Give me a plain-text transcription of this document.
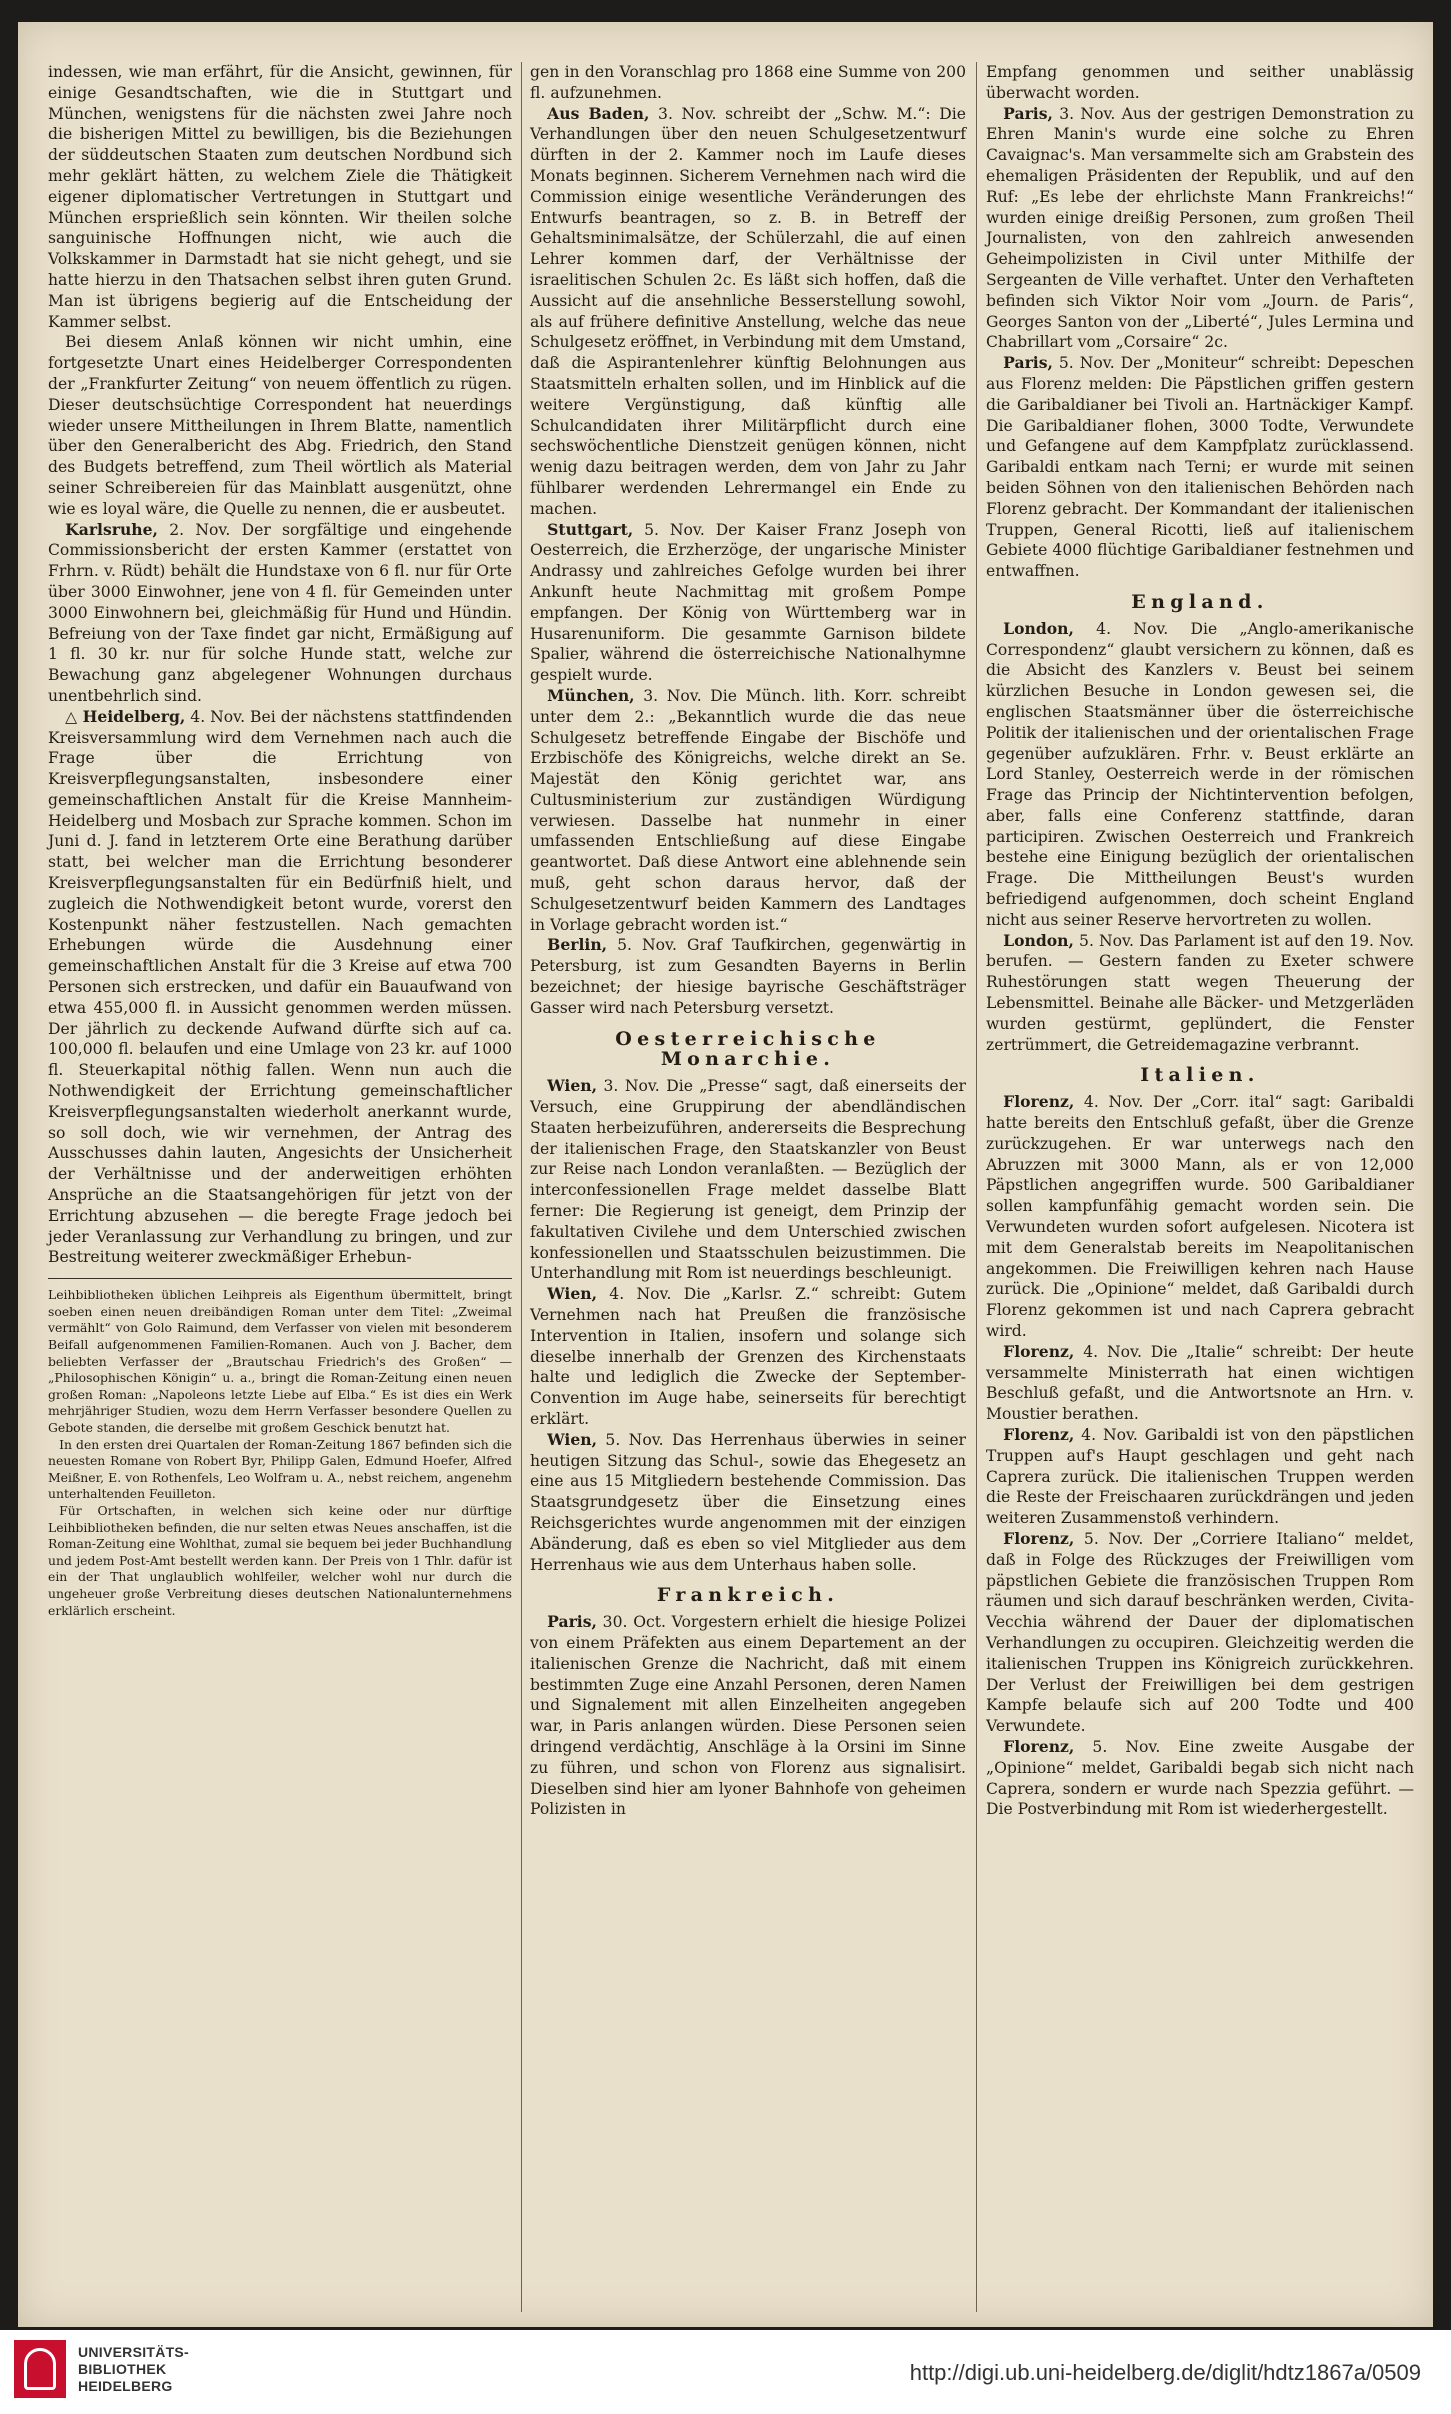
indessen, wie man erfährt, für die Ansicht, gewinnen, für einige Gesandtschaften, wie die in Stuttgart und München, wenigstens für die nächsten zwei Jahre noch die bisherigen Mittel zu bewilligen, bis die Beziehungen der süddeutschen Staaten zum deutschen Nordbund sich mehr geklärt hätten, zu welchem Ziele die Thätigkeit eigener diplomatischer Vertretungen in Stuttgart und München ersprießlich sein könnten. Wir theilen solche sanguinische Hoffnungen nicht, wie auch die Volkskammer in Darmstadt hat sie nicht gehegt, und sie hatte hierzu in den Thatsachen selbst ihren guten Grund. Man ist übrigens begierig auf die Entscheidung der Kammer selbst.

Bei diesem Anlaß können wir nicht umhin, eine fortgesetzte Unart eines Heidelberger Correspondenten der „Frankfurter Zeitung“ von neuem öffentlich zu rügen. Dieser deutschsüchtige Correspondent hat neuerdings wieder unsere Mittheilungen in Ihrem Blatte, namentlich über den Generalbericht des Abg. Friedrich, den Stand des Budgets betreffend, zum Theil wörtlich als Material seiner Schreibereien für das Mainblatt ausgenützt, ohne wie es loyal wäre, die Quelle zu nennen, die er ausbeutet.

Karlsruhe, 2. Nov. Der sorgfältige und eingehende Commissionsbericht der ersten Kammer (erstattet von Frhrn. v. Rüdt) behält die Hundstaxe von 6 fl. nur für Orte über 3000 Einwohner, jene von 4 fl. für Gemeinden unter 3000 Einwohnern bei, gleichmäßig für Hund und Hündin. Befreiung von der Taxe findet gar nicht, Ermäßigung auf 1 fl. 30 kr. nur für solche Hunde statt, welche zur Bewachung ganz abgelegener Wohnungen durchaus unentbehrlich sind.

△ Heidelberg, 4. Nov. Bei der nächstens stattfindenden Kreisversammlung wird dem Vernehmen nach auch die Frage über die Errichtung von Kreisverpflegungsanstalten, insbesondere einer gemeinschaftlichen Anstalt für die Kreise Mannheim-Heidelberg und Mosbach zur Sprache kommen. Schon im Juni d. J. fand in letzterem Orte eine Berathung darüber statt, bei welcher man die Errichtung besonderer Kreisverpflegungsanstalten für ein Bedürfniß hielt, und zugleich die Nothwendigkeit betont wurde, vorerst den Kostenpunkt näher festzustellen. Nach gemachten Erhebungen würde die Ausdehnung einer gemeinschaftlichen Anstalt für die 3 Kreise auf etwa 700 Personen sich erstrecken, und dafür ein Bauaufwand von etwa 455,000 fl. in Aussicht genommen werden müssen. Der jährlich zu deckende Aufwand dürfte sich auf ca. 100,000 fl. belaufen und eine Umlage von 23 kr. auf 1000 fl. Steuerkapital nöthig fallen. Wenn nun auch die Nothwendigkeit der Errichtung gemeinschaftlicher Kreisverpflegungsanstalten wiederholt anerkannt wurde, so soll doch, wie wir vernehmen, der Antrag des Ausschusses dahin lauten, Angesichts der Unsicherheit der Verhältnisse und der anderweitigen erhöhten Ansprüche an die Staatsangehörigen für jetzt von der Errichtung abzusehen — die beregte Frage jedoch bei jeder Veranlassung zur Verhandlung zu bringen, und zur Bestreitung weiterer zweckmäßiger Erhebun-

Leihbibliotheken üblichen Leihpreis als Eigenthum übermittelt, bringt soeben einen neuen dreibändigen Roman unter dem Titel: „Zweimal vermählt“ von Golo Raimund, dem Verfasser von vielen mit besonderem Beifall aufgenommenen Familien-Romanen. Auch von J. Bacher, dem beliebten Verfasser der „Brautschau Friedrich's des Großen“ — „Philosophischen Königin“ u. a., bringt die Roman-Zeitung einen neuen großen Roman: „Napoleons letzte Liebe auf Elba.“ Es ist dies ein Werk mehrjähriger Studien, wozu dem Herrn Verfasser besondere Quellen zu Gebote standen, die derselbe mit großem Geschick benutzt hat.

In den ersten drei Quartalen der Roman-Zeitung 1867 befinden sich die neuesten Romane von Robert Byr, Philipp Galen, Edmund Hoefer, Alfred Meißner, E. von Rothenfels, Leo Wolfram u. A., nebst reichem, angenehm unterhaltenden Feuilleton.

Für Ortschaften, in welchen sich keine oder nur dürftige Leihbibliotheken befinden, die nur selten etwas Neues anschaffen, ist die Roman-Zeitung eine Wohlthat, zumal sie bequem bei jeder Buchhandlung und jedem Post-Amt bestellt werden kann. Der Preis von 1 Thlr. dafür ist ein der That unglaublich wohlfeiler, welcher wohl nur durch die ungeheuer große Verbreitung dieses deutschen Nationalunternehmens erklärlich erscheint.

gen in den Voranschlag pro 1868 eine Summe von 200 fl. aufzunehmen.

Aus Baden, 3. Nov. schreibt der „Schw. M.“: Die Verhandlungen über den neuen Schulgesetzentwurf dürften in der 2. Kammer noch im Laufe dieses Monats beginnen. Sicherem Vernehmen nach wird die Commission einige wesentliche Veränderungen des Entwurfs beantragen, so z. B. in Betreff der Gehaltsminimalsätze, der Schülerzahl, die auf einen Lehrer kommen darf, der Verhältnisse der israelitischen Schulen 2c. Es läßt sich hoffen, daß die Aussicht auf die ansehnliche Besserstellung sowohl, als auf frühere definitive Anstellung, welche das neue Schulgesetz eröffnet, in Verbindung mit dem Umstand, daß die Aspirantenlehrer künftig Belohnungen aus Staatsmitteln erhalten sollen, und im Hinblick auf die weitere Vergünstigung, daß künftig alle Schulcandidaten ihrer Militärpflicht durch eine sechswöchentliche Dienstzeit genügen können, nicht wenig dazu beitragen werden, dem von Jahr zu Jahr fühlbarer werdenden Lehrermangel ein Ende zu machen.

Stuttgart, 5. Nov. Der Kaiser Franz Joseph von Oesterreich, die Erzherzöge, der ungarische Minister Andrassy und zahlreiches Gefolge wurden bei ihrer Ankunft heute Nachmittag mit großem Pompe empfangen. Der König von Württemberg war in Husarenuniform. Die gesammte Garnison bildete Spalier, während die österreichische Nationalhymne gespielt wurde.

München, 3. Nov. Die Münch. lith. Korr. schreibt unter dem 2.: „Bekanntlich wurde die das neue Schulgesetz betreffende Eingabe der Bischöfe und Erzbischöfe des Königreichs, welche direkt an Se. Majestät den König gerichtet war, ans Cultusministerium zur zuständigen Würdigung verwiesen. Dasselbe hat nunmehr in einer umfassenden Entschließung auf diese Eingabe geantwortet. Daß diese Antwort eine ablehnende sein muß, geht schon daraus hervor, daß der Schulgesetzentwurf beiden Kammern des Landtages in Vorlage gebracht worden ist.“

Berlin, 5. Nov. Graf Taufkirchen, gegenwärtig in Petersburg, ist zum Gesandten Bayerns in Berlin bezeichnet; der hiesige bayrische Geschäftsträger Gasser wird nach Petersburg versetzt.

Oesterreichische Monarchie.

Wien, 3. Nov. Die „Presse“ sagt, daß einerseits der Versuch, eine Gruppirung der abendländischen Staaten herbeizuführen, andererseits die Besprechung der italienischen Frage, den Staatskanzler von Beust zur Reise nach London veranlaßten. — Bezüglich der interconfessionellen Frage meldet dasselbe Blatt ferner: Die Regierung ist geneigt, dem Prinzip der fakultativen Civilehe und dem Unterschied zwischen konfessionellen und Staatsschulen beizustimmen. Die Unterhandlung mit Rom ist neuerdings beschleunigt.

Wien, 4. Nov. Die „Karlsr. Z.“ schreibt: Gutem Vernehmen nach hat Preußen die französische Intervention in Italien, insofern und solange sich dieselbe innerhalb der Grenzen des Kirchenstaats halte und lediglich die Zwecke der September-Convention im Auge habe, seinerseits für berechtigt erklärt.

Wien, 5. Nov. Das Herrenhaus überwies in seiner heutigen Sitzung das Schul-, sowie das Ehegesetz an eine aus 15 Mitgliedern bestehende Commission. Das Staatsgrundgesetz über die Einsetzung eines Reichsgerichtes wurde angenommen mit der einzigen Abänderung, daß es eben so viel Mitglieder aus dem Herrenhaus wie aus dem Unterhaus haben solle.

Frankreich.

Paris, 30. Oct. Vorgestern erhielt die hiesige Polizei von einem Präfekten aus einem Departement an der italienischen Grenze die Nachricht, daß mit einem bestimmten Zuge eine Anzahl Personen, deren Namen und Signalement mit allen Einzelheiten angegeben war, in Paris anlangen würden. Diese Personen seien dringend verdächtig, Anschläge à la Orsini im Sinne zu führen, und schon von Florenz aus signalisirt. Dieselben sind hier am lyoner Bahnhofe von geheimen Polizisten in

Empfang genommen und seither unablässig überwacht worden.

Paris, 3. Nov. Aus der gestrigen Demonstration zu Ehren Manin's wurde eine solche zu Ehren Cavaignac's. Man versammelte sich am Grabstein des ehemaligen Präsidenten der Republik, und auf den Ruf: „Es lebe der ehrlichste Mann Frankreichs!“ wurden einige dreißig Personen, zum großen Theil Journalisten, von den zahlreich anwesenden Geheimpolizisten in Civil unter Mithilfe der Sergeanten de Ville verhaftet. Unter den Verhafteten befinden sich Viktor Noir vom „Journ. de Paris“, Georges Santon von der „Liberté“, Jules Lermina und Chabrillart vom „Corsaire“ 2c.

Paris, 5. Nov. Der „Moniteur“ schreibt: Depeschen aus Florenz melden: Die Päpstlichen griffen gestern die Garibaldianer bei Tivoli an. Hartnäckiger Kampf. Die Garibaldianer flohen, 3000 Todte, Verwundete und Gefangene auf dem Kampfplatz zurücklassend. Garibaldi entkam nach Terni; er wurde mit seinen beiden Söhnen von den italienischen Behörden nach Florenz gebracht. Der Kommandant der italienischen Truppen, General Ricotti, ließ auf italienischem Gebiete 4000 flüchtige Garibaldianer festnehmen und entwaffnen.

England.

London, 4. Nov. Die „Anglo-amerikanische Correspondenz“ glaubt versichern zu können, daß es die Absicht des Kanzlers v. Beust bei seinem kürzlichen Besuche in London gewesen sei, die englischen Staatsmänner über die österreichische Politik der italienischen und der orientalischen Frage gegenüber aufzuklären. Frhr. v. Beust erklärte an Lord Stanley, Oesterreich werde in der römischen Frage das Princip der Nichtintervention befolgen, aber, falls eine Conferenz stattfinde, daran participiren. Zwischen Oesterreich und Frankreich bestehe eine Einigung bezüglich der orientalischen Frage. Die Mittheilungen Beust's wurden befriedigend aufgenommen, doch scheint England nicht aus seiner Reserve hervortreten zu wollen.

London, 5. Nov. Das Parlament ist auf den 19. Nov. berufen. — Gestern fanden zu Exeter schwere Ruhestörungen statt wegen Theuerung der Lebensmittel. Beinahe alle Bäcker- und Metzgerläden wurden gestürmt, geplündert, die Fenster zertrümmert, die Getreidemagazine verbrannt.

Italien.

Florenz, 4. Nov. Der „Corr. ital“ sagt: Garibaldi hatte bereits den Entschluß gefaßt, über die Grenze zurückzugehen. Er war unterwegs nach den Abruzzen mit 3000 Mann, als er von 12,000 Päpstlichen angegriffen wurde. 500 Garibaldianer sollen kampfunfähig gemacht worden sein. Die Verwundeten wurden sofort aufgelesen. Nicotera ist mit dem Generalstab bereits im Neapolitanischen angekommen. Die Freiwilligen kehren nach Hause zurück. Die „Opinione“ meldet, daß Garibaldi durch Florenz gekommen ist und nach Caprera gebracht wird.

Florenz, 4. Nov. Die „Italie“ schreibt: Der heute versammelte Ministerrath hat einen wichtigen Beschluß gefaßt, und die Antwortsnote an Hrn. v. Moustier berathen.

Florenz, 4. Nov. Garibaldi ist von den päpstlichen Truppen auf's Haupt geschlagen und geht nach Caprera zurück. Die italienischen Truppen werden die Reste der Freischaaren zurückdrängen und jeden weiteren Zusammenstoß verhindern.

Florenz, 5. Nov. Der „Corriere Italiano“ meldet, daß in Folge des Rückzuges der Freiwilligen vom päpstlichen Gebiete die französischen Truppen Rom räumen und sich darauf beschränken werden, Civita-Vecchia während der Dauer der diplomatischen Verhandlungen zu occupiren. Gleichzeitig werden die italienischen Truppen ins Königreich zurückkehren. Der Verlust der Freiwilligen bei dem gestrigen Kampfe belaufe sich auf 200 Todte und 400 Verwundete.

Florenz, 5. Nov. Eine zweite Ausgabe der „Opinione“ meldet, Garibaldi begab sich nicht nach Caprera, sondern er wurde nach Spezzia geführt. — Die Postverbindung mit Rom ist wiederhergestellt.

UNIVERSITÄTS-
BIBLIOTHEK
HEIDELBERG
http://digi.ub.uni-heidelberg.de/diglit/hdtz1867a/0509
